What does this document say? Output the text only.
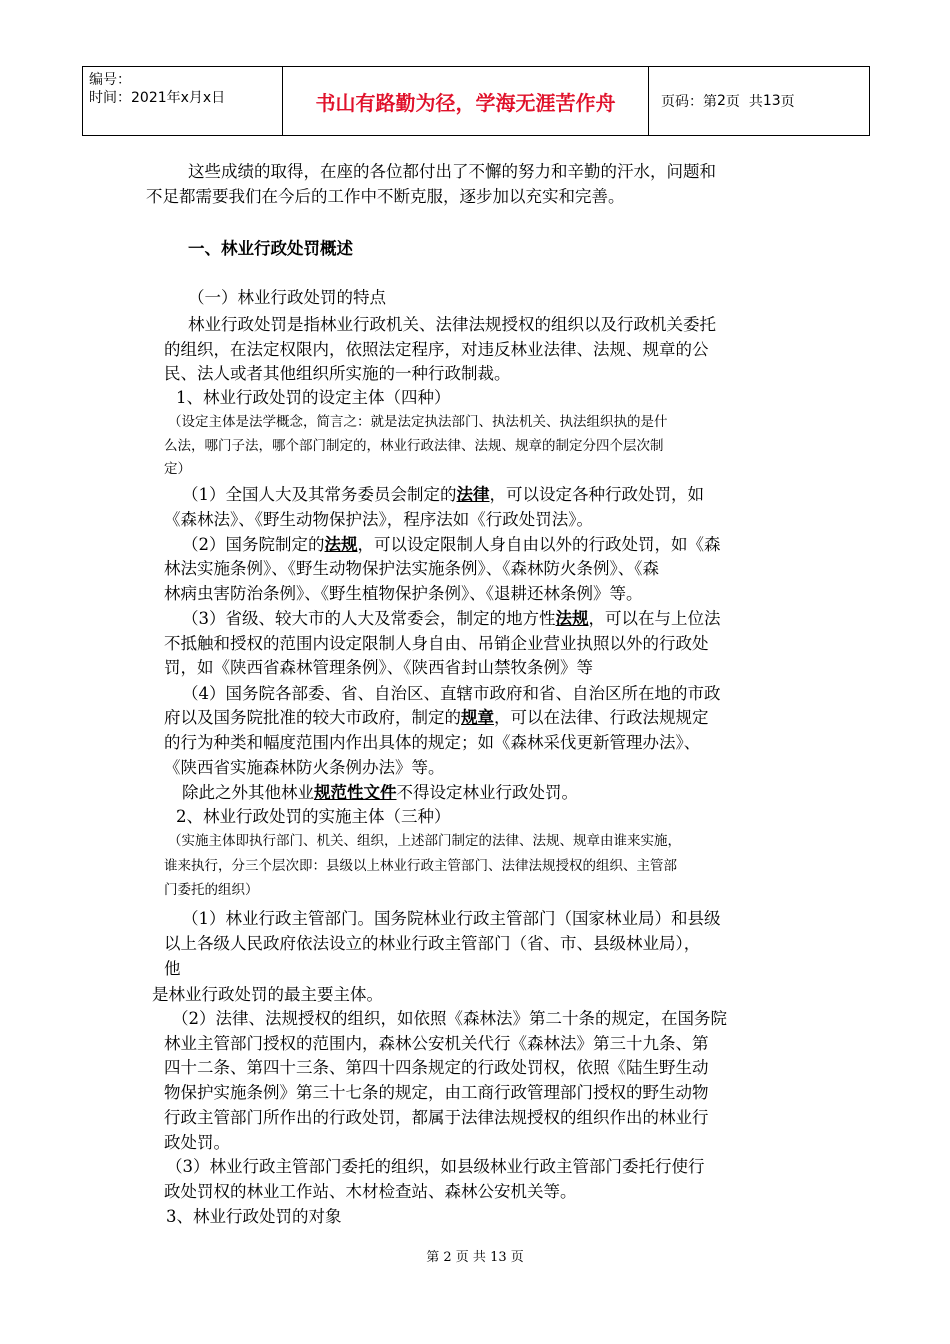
编号：
时间：2021年x月x日	书山有路勤为径，学海无涯苦作舟	页码：第 2 页  共 13 页
这些成绩的取得，在座的各位都付出了不懈的努力和辛勤的汗水，问题和
不足都需要我们在今后的工作中不断克服，逐步加以充实和完善。
一、林业行政处罚概述
（一）林业行政处罚的特点
林业行政处罚是指林业行政机关、法律法规授权的组织以及行政机关委托
的组织，在法定权限内，依照法定程序，对违反林业法律、法规、规章的公
民、法人或者其他组织所实施的一种行政制裁。
1、林业行政处罚的设定主体（四种）
（设定主体是法学概念，简言之：就是法定执法部门、执法机关、执法组织执的是什
么法，哪门子法，哪个部门制定的，林业行政法律、法规、规章的制定分四个层次制
定）
（1）全国人大及其常务委员会制定的法律，可以设定各种行政处罚，如
《森林法》、《野生动物保护法》，程序法如《行政处罚法》。
（2）国务院制定的法规，可以设定限制人身自由以外的行政处罚，如《森
林法实施条例》、《野生动物保护法实施条例》、《森林防火条例》、《森
林病虫害防治条例》、《野生植物保护条例》、《退耕还林条例》等。
（3）省级、较大市的人大及常委会，制定的地方性法规，可以在与上位法
不抵触和授权的范围内设定限制人身自由、吊销企业营业执照以外的行政处
罚，如《陕西省森林管理条例》、《陕西省封山禁牧条例》等
（4）国务院各部委、省、自治区、直辖市政府和省、自治区所在地的市政
府以及国务院批准的较大市政府，制定的规章，可以在法律、行政法规规定
的行为种类和幅度范围内作出具体的规定；如《森林采伐更新管理办法》、
《陕西省实施森林防火条例办法》等。
除此之外其他林业规范性文件不得设定林业行政处罚。
2、林业行政处罚的实施主体（三种）
（实施主体即执行部门、机关、组织，上述部门制定的法律、法规、规章由谁来实施，
谁来执行，分三个层次即：县级以上林业行政主管部门、法律法规授权的组织、主管部
门委托的组织）
（1）林业行政主管部门。国务院林业行政主管部门（国家林业局）和县级
以上各级人民政府依法设立的林业行政主管部门（省、市、县级林业局），
他
是林业行政处罚的最主要主体。
（2）法律、法规授权的组织，如依照《森林法》第二十条的规定，在国务院
林业主管部门授权的范围内，森林公安机关代行《森林法》第三十九条、第
四十二条、第四十三条、第四十四条规定的行政处罚权，依照《陆生野生动
物保护实施条例》第三十七条的规定，由工商行政管理部门授权的野生动物
行政主管部门所作出的行政处罚，都属于法律法规授权的组织作出的林业行
政处罚。
（3）林业行政主管部门委托的组织，如县级林业行政主管部门委托行使行
政处罚权的林业工作站、木材检查站、森林公安机关等。
3、林业行政处罚的对象
第 2 页 共 13 页
